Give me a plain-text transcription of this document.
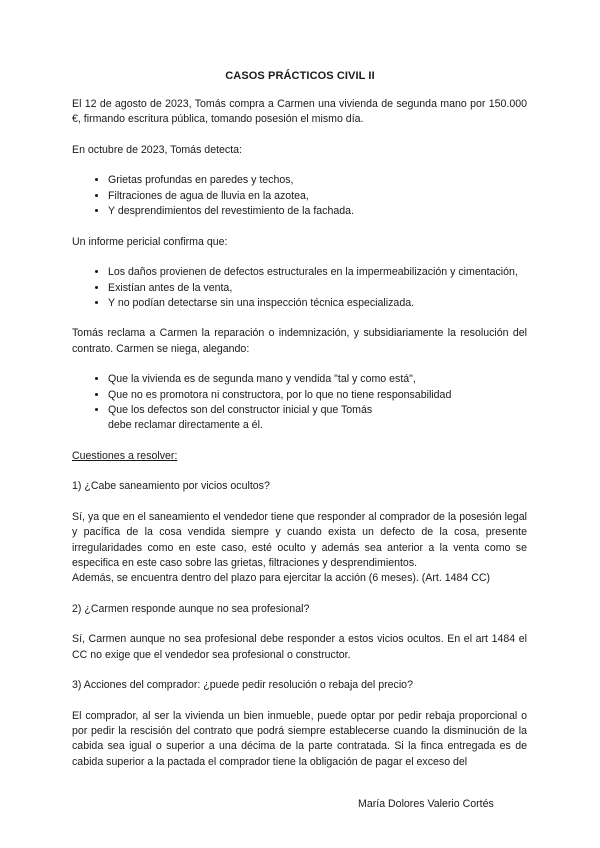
CASOS PRÁCTICOS CIVIL II

El 12 de agosto de 2023, Tomás compra a Carmen una vivienda de segunda mano por 150.000 €, firmando escritura pública, tomando posesión el mismo día.

En octubre de 2023, Tomás detecta:

• Grietas profundas en paredes y techos,
• Filtraciones de agua de lluvia en la azotea,
• Y desprendimientos del revestimiento de la fachada.

Un informe pericial confirma que:

• Los daños provienen de defectos estructurales en la impermeabilización y cimentación,
• Existían antes de la venta,
• Y no podían detectarse sin una inspección técnica especializada.

Tomás reclama a Carmen la reparación o indemnización, y subsidiariamente la resolución del contrato. Carmen se niega, alegando:

• Que la vivienda es de segunda mano y vendida "tal y como está",
• Que no es promotora ni constructora, por lo que no tiene responsabilidad
• Que los defectos son del constructor inicial y que Tomás debe reclamar directamente a él.

Cuestiones a resolver:

1) ¿Cabe saneamiento por vicios ocultos?

Sí, ya que en el saneamiento el vendedor tiene que responder al comprador de la posesión legal y pacífica de la cosa vendida siempre y cuando exista un defecto de la cosa, presente irregularidades como en este caso, esté oculto y además sea anterior a la venta como se especifica en este caso sobre las grietas, filtraciones y desprendimientos.

Además, se encuentra dentro del plazo para ejercitar la acción (6 meses). (Art. 1484 CC)

2) ¿Carmen responde aunque no sea profesional?

Sí, Carmen aunque no sea profesional debe responder a estos vicios ocultos. En el art 1484 el CC no exige que el vendedor sea profesional o constructor.

3) Acciones del comprador: ¿puede pedir resolución o rebaja del precio?

El comprador, al ser la vivienda un bien inmueble, puede optar por pedir rebaja proporcional o por pedir la rescisión del contrato que podrá siempre establecerse cuando la disminución de la cabida sea igual o superior a una décima de la parte contratada. Si la finca entregada es de cabida superior a la pactada el comprador tiene la obligación de pagar el exceso del

María Dolores Valerio Cortés
